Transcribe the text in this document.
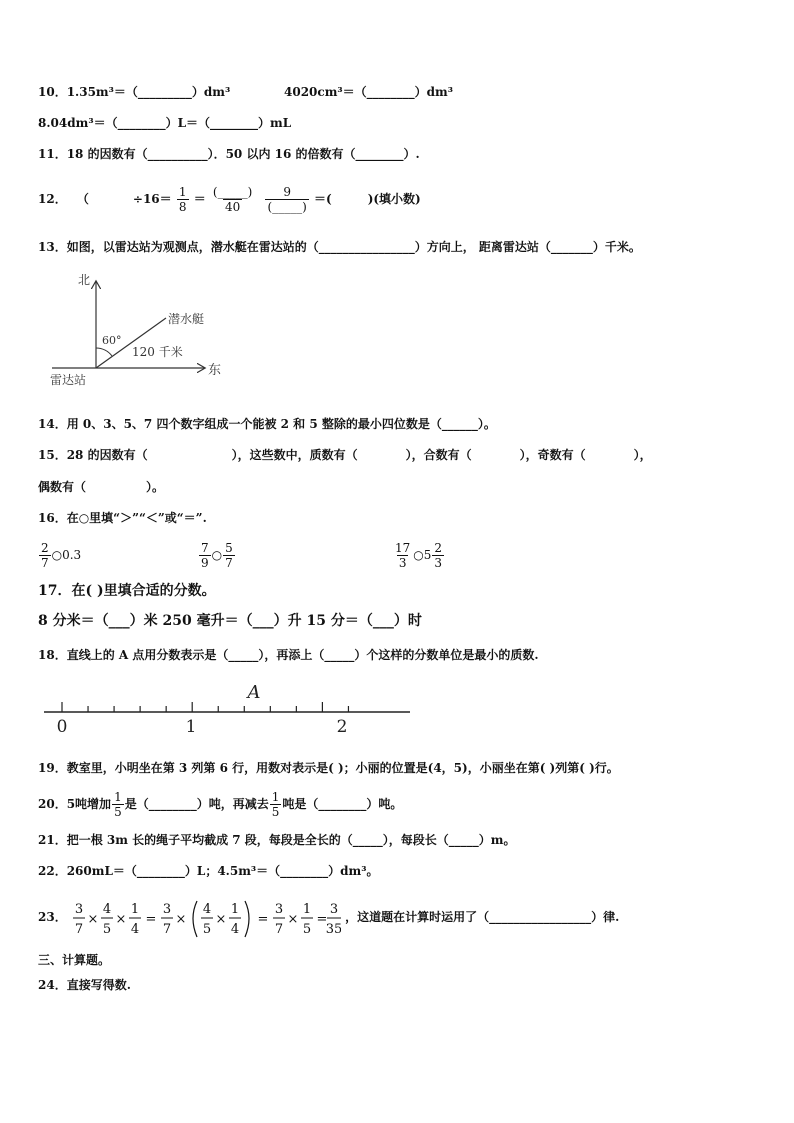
10．1.35m³＝（_________）dm³	4020cm³＝（________）dm³
8.04dm³＝（________）L＝（________）mL
11．18 的因数有（__________）．50 以内 16 的倍数有（________）.
12． （	$\div 16= \frac{1}{8} = \frac{(\_\_\_\_\_)}{40}$
$\frac{9}{(\_\_\_\_\_)}$ ＝(　　　)(填小数)
13．如图，以雷达站为观测点，潜水艇在雷达站的（________________）方向上， 距离雷达站（_______）千米。
北
东
雷达站
潜水艇
60°
120 千米
14．用 0、3、5、7 四个数字组成一个能被 2 和 5 整除的最小四位数是（______）。
15．28 的因数有（　　　　　　　），这些数中，质数有（　　　　），合数有（　　　　），奇数有（　　　　），
偶数有（　　　　　）。
16．在○里填“＞”“＜”或“＝”.
$\frac{2}{7}$ ○0.3	$\frac{7}{9}$ ○ $\frac{5}{7}$	$\frac{17}{3}$ ○5 $\frac{2}{3}$
17．在( )里填合适的分数。
8 分米＝（___）米 250 毫升＝（___）升 15 分＝（___）时
18．直线上的 A 点用分数表示是（_____），再添上（_____）个这样的分数单位是最小的质数.
0	1	2
A
19．教室里，小明坐在第 3 列第 6 行，用数对表示是( )；小丽的位置是(4，5)，小丽坐在第( )列第( )行。
20．5吨增加 $\frac{1}{5}$ 是（________）吨，再减去 $\frac{1}{5}$ 吨是（________）吨。
21．把一根 3m 长的绳子平均截成 7 段，每段是全长的（_____），每段长（_____）m。
22．260mL＝（________）L；4.5m³＝（________）dm³。
23．
3
7
×
4
5
×
1
4
=
3
7
×
4
5
×
1
4
=
3
7
×
1
5
=
3
35
，这道题在计算时运用了（_________________）律.
三、计算题。
24．直接写得数.
